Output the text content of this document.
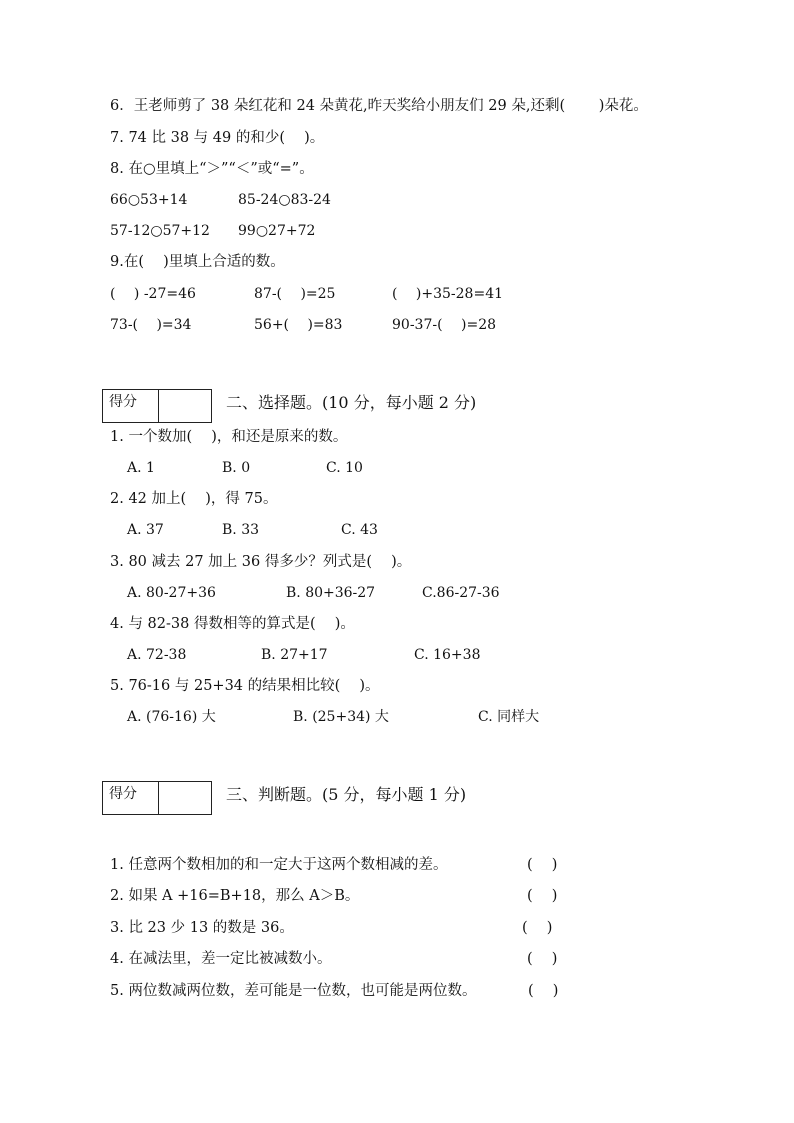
6．王老师剪了 38 朵红花和 24 朵黄花,昨天奖给小朋友们 29 朵,还剩(　　 )朵花。
7. 74 比 38 与 49 的和少(　 )。
8. 在○里填上“＞”“＜”或“=”。
66○53+14	85-24○83-24
57-12○57+12 99○27+72
9.在(　 )里填上合适的数。
(　 ) -27=46	87-(　 )=25	(　 )+35-28=41
73-(　 )=34	56+(　 )=83	90-37-(　 )=28
得分	二、选择题。(10 分，每小题 2 分)
1. 一个数加(　 )，和还是原来的数。
A. 1	B. 0	C. 10
2. 42 加上(　 )，得 75。
A. 37	B. 33	C. 43
3. 80 减去 27 加上 36 得多少？列式是(　 )。
A. 80-27+36	B. 80+36-27	C.86-27-36
4. 与 82-38 得数相等的算式是(　 )。
A. 72-38	B. 27+17	C. 16+38
5. 76-16 与 25+34 的结果相比较(　 )。
A. (76-16) 大	B. (25+34) 大	C. 同样大
得分	三、判断题。(5 分，每小题 1 分)
1. 任意两个数相加的和一定大于这两个数相减的差。	(　 )
2. 如果 A +16=B+18，那么 A＞B。	(　 )
3. 比 23 少 13 的数是 36。	(　 )
4. 在减法里，差一定比被减数小。	(　 )
5. 两位数减两位数，差可能是一位数，也可能是两位数。	(　 )
